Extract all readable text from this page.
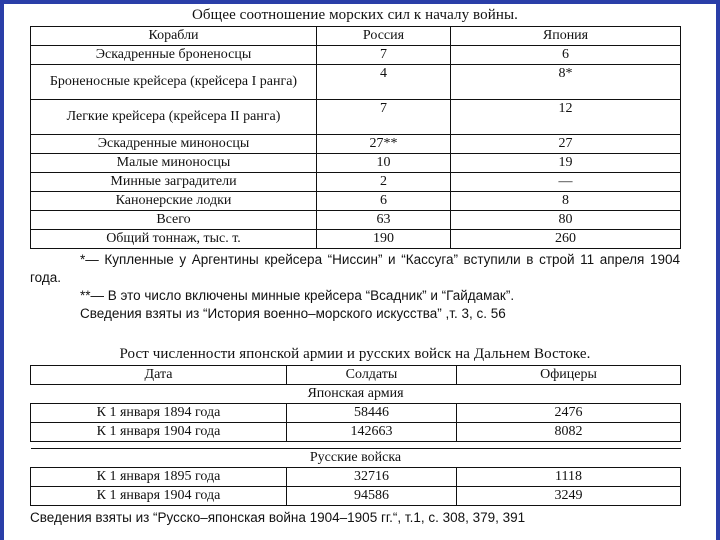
Общее соотношение морских сил к началу войны.

Корабли	Россия	Япония
Эскадренные броненосцы	7	6
Броненосные крейсера (крейсера I ранга)	4	8*
Легкие крейсера (крейсера II ранга)	7	12
Эскадренные миноносцы	27**	27
Малые миноносцы	10	19
Минные заградители	2	—
Канонерские лодки	6	8
Всего	63	80
Общий тоннаж, тыс. т.	190	260

*— Купленные у Аргентины крейсера “Ниссин” и “Кассуга” вступили в строй 11 апреля 1904 года.

**— В это число включены минные крейсера “Всадник” и “Гайдамак”.

Сведения взяты из “История военно–морского искусства” ,т. 3, с. 56

Рост численности японской армии и русских войск на Дальнем Востоке.

Дата	Солдаты	Офицеры
Японская армия		
К 1 января 1894 года	58446	2476
К 1 января 1904 года	142663	8082

Русские войска		
К 1 января 1895 года	32716	1118
К 1 января 1904 года	94586	3249

Сведения взяты из “Русско–японская война 1904–1905 гг.“, т.1, с. 308, 379, 391
